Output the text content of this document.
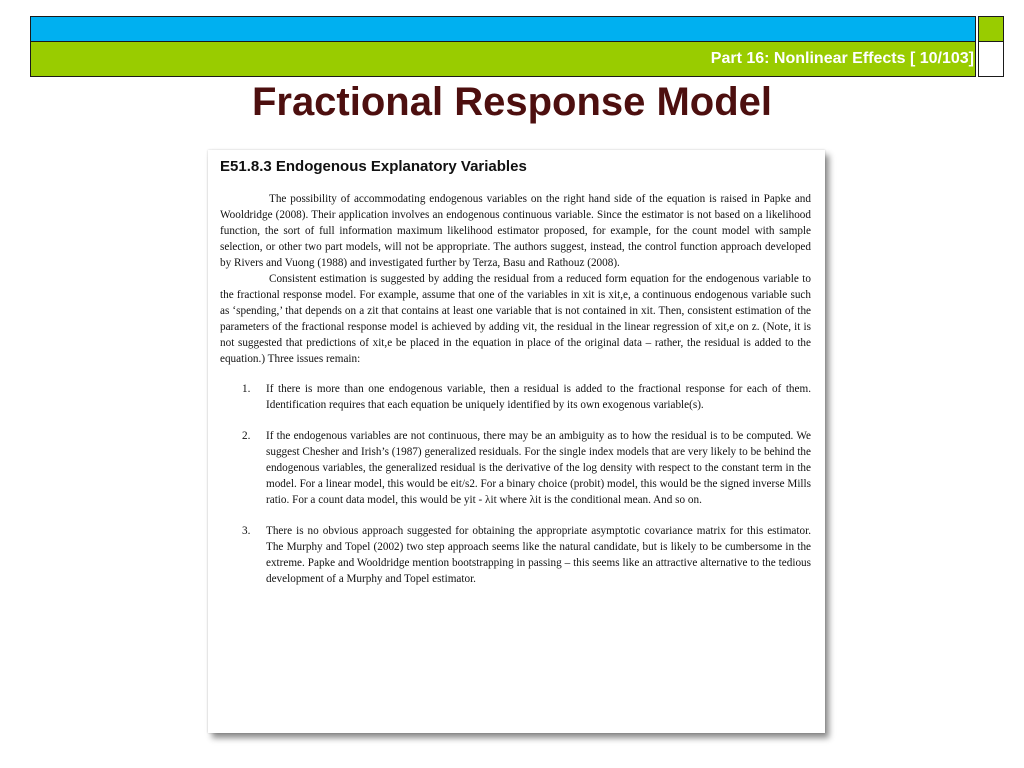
Part 16: Nonlinear Effects [ 10/103]
Fractional Response Model
E51.8.3 Endogenous Explanatory Variables

The possibility of accommodating endogenous variables on the right hand side of the equation is raised in Papke and Wooldridge (2008). Their application involves an endogenous continuous variable. Since the estimator is not based on a likelihood function, the sort of full information maximum likelihood estimator proposed, for example, for the count model with sample selection, or other two part models, will not be appropriate. The authors suggest, instead, the control function approach developed by Rivers and Vuong (1988) and investigated further by Terza, Basu and Rathouz (2008).

Consistent estimation is suggested by adding the residual from a reduced form equation for the endogenous variable to the fractional response model. For example, assume that one of the variables in xit is xit,e, a continuous endogenous variable such as ‘spending,’ that depends on a zit that contains at least one variable that is not contained in xit. Then, consistent estimation of the parameters of the fractional response model is achieved by adding vit, the residual in the linear regression of xit,e on z. (Note, it is not suggested that predictions of xit,e be placed in the equation in place of the original data – rather, the residual is added to the equation.) Three issues remain:

1. If there is more than one endogenous variable, then a residual is added to the fractional response for each of them. Identification requires that each equation be uniquely identified by its own exogenous variable(s).
2. If the endogenous variables are not continuous, there may be an ambiguity as to how the residual is to be computed. We suggest Chesher and Irish’s (1987) generalized residuals. For the single index models that are very likely to be behind the endogenous variables, the generalized residual is the derivative of the log density with respect to the constant term in the model. For a linear model, this would be eit/s2. For a binary choice (probit) model, this would be the signed inverse Mills ratio. For a count data model, this would be yit - λit where λit is the conditional mean. And so on.
3. There is no obvious approach suggested for obtaining the appropriate asymptotic covariance matrix for this estimator. The Murphy and Topel (2002) two step approach seems like the natural candidate, but is likely to be cumbersome in the extreme. Papke and Wooldridge mention bootstrapping in passing – this seems like an attractive alternative to the tedious development of a Murphy and Topel estimator.
